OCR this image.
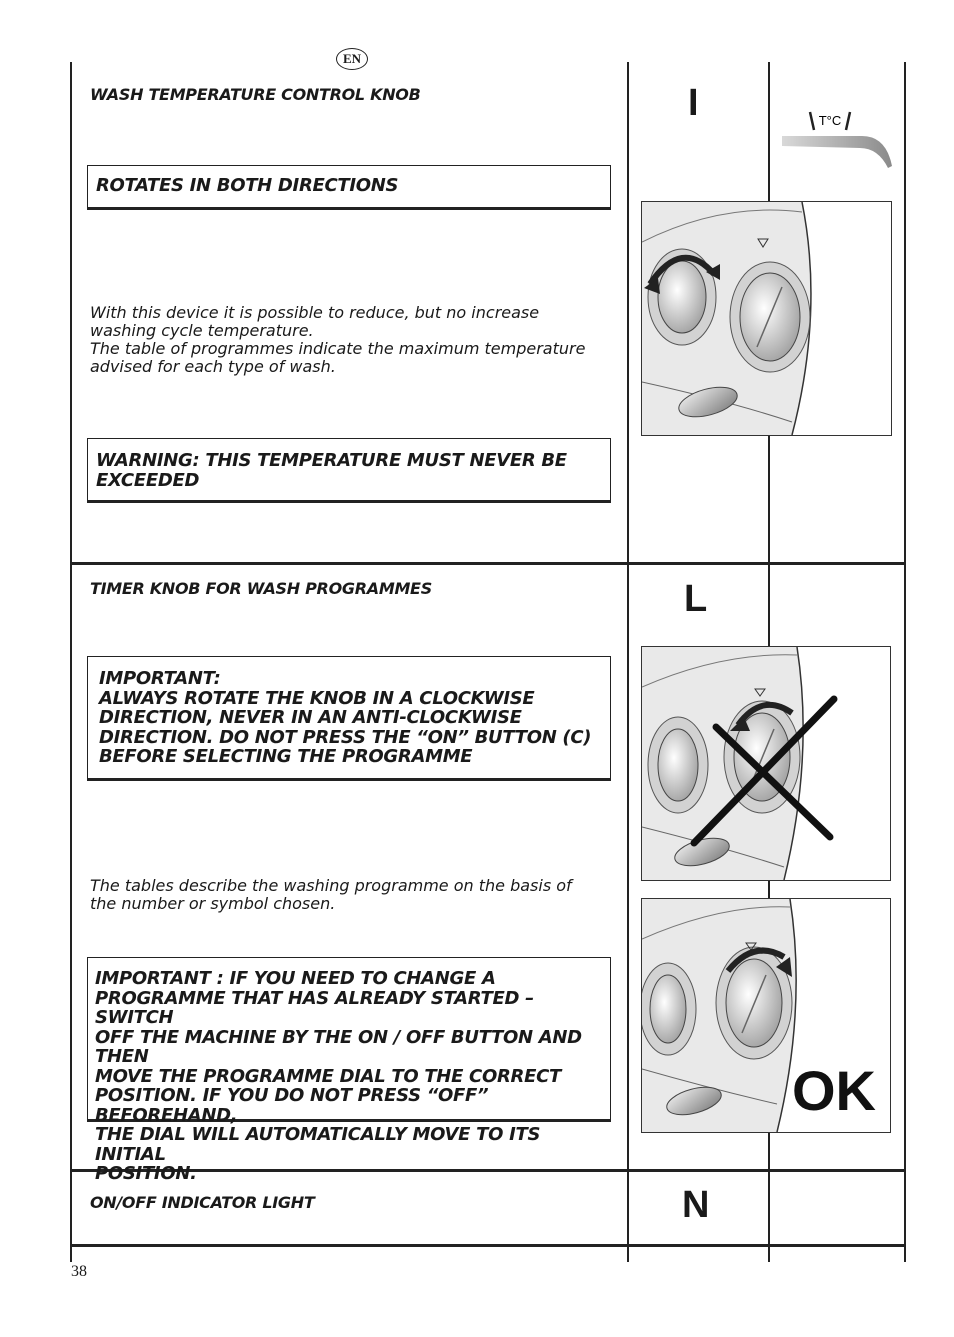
EN
WASH TEMPERATURE CONTROL KNOB	I	T°C
ROTATES IN BOTH DIRECTIONS
With this device it is possible to reduce, but no increase
washing cycle temperature.
The table of programmes indicate the maximum temperature
advised for each type of wash.
WARNING: THIS TEMPERATURE MUST NEVER BE
EXCEEDED
TIMER KNOB FOR WASH PROGRAMMES	L
IMPORTANT:
ALWAYS ROTATE THE KNOB IN A CLOCKWISE
DIRECTION, NEVER IN AN ANTI-CLOCKWISE
DIRECTION. DO NOT PRESS THE “ON” BUTTON (C)
BEFORE SELECTING THE PROGRAMME
The tables describe the washing programme on the basis of
the number or symbol chosen.
IMPORTANT : IF YOU NEED TO CHANGE A
PROGRAMME THAT HAS ALREADY STARTED – SWITCH
OFF THE MACHINE BY THE ON / OFF BUTTON AND THEN
MOVE THE PROGRAMME DIAL TO THE CORRECT
POSITION. IF YOU DO NOT PRESS “OFF” BEFOREHAND,
THE DIAL WILL AUTOMATICALLY MOVE TO ITS INITIAL
POSITION.
OK
ON/OFF INDICATOR LIGHT	N
38
